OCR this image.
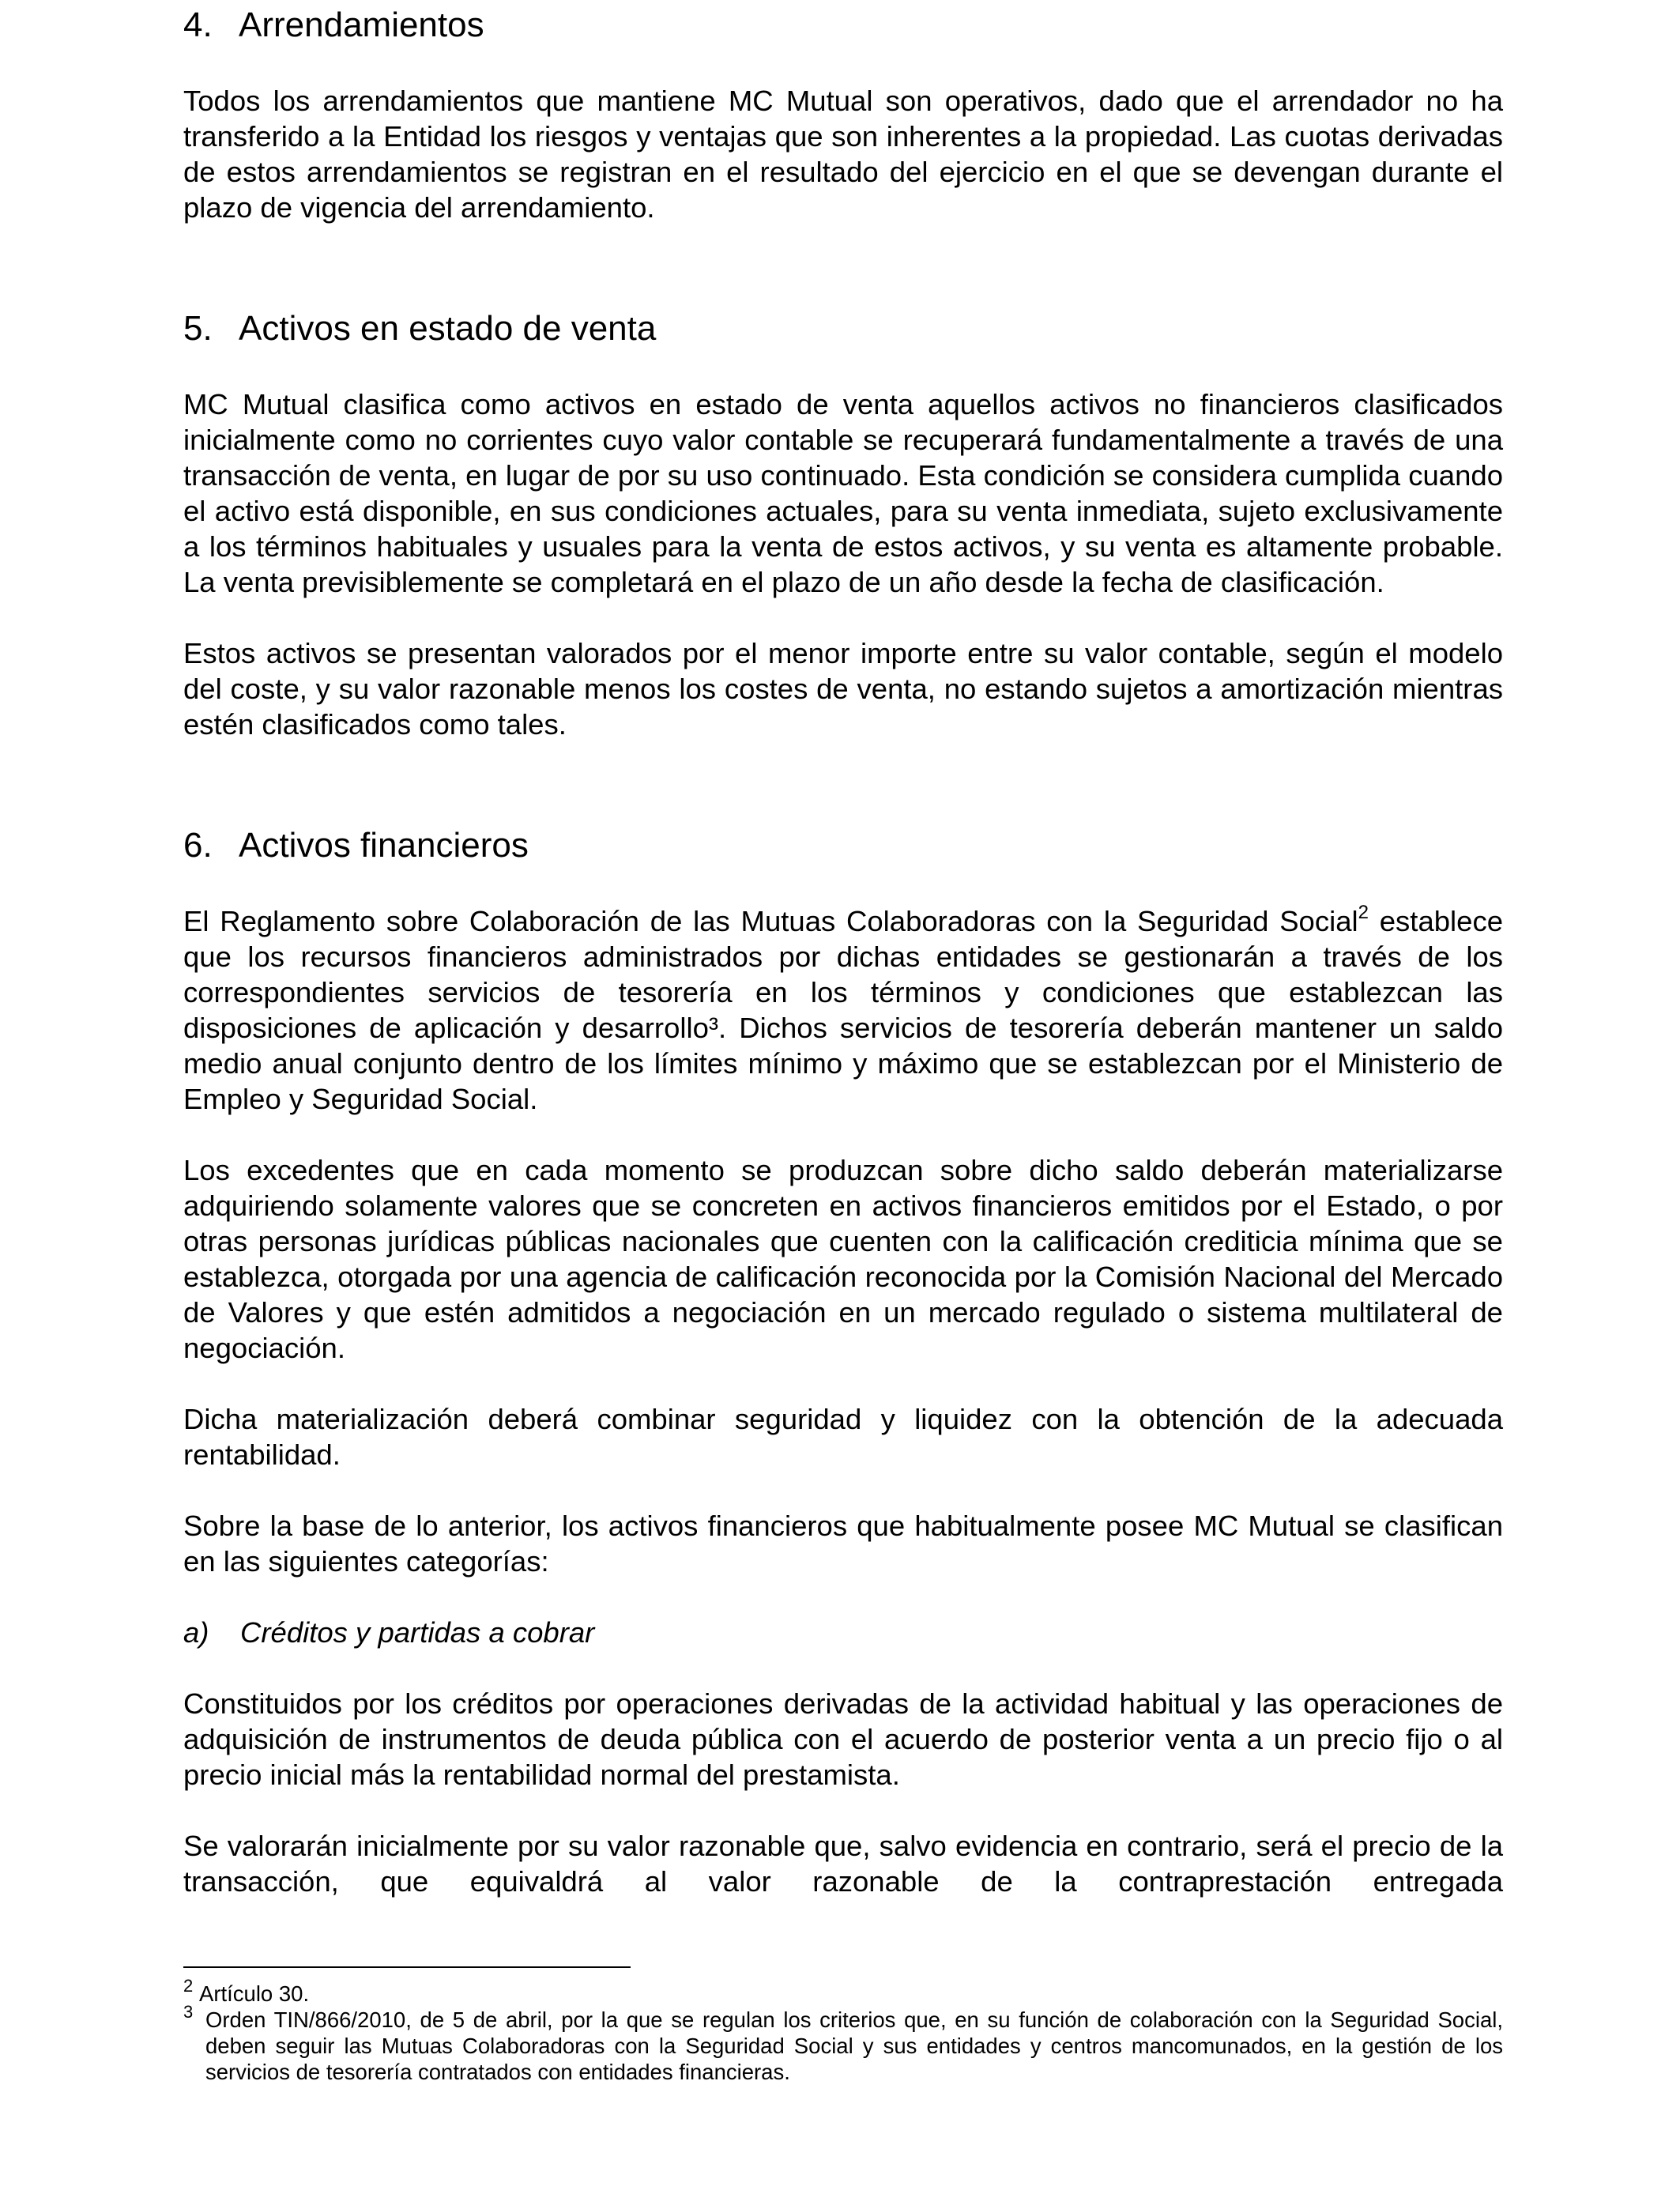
4. Arrendamientos

Todos los arrendamientos que mantiene MC Mutual son operativos, dado que el arrendador no ha transferido a la Entidad los riesgos y ventajas que son inherentes a la propiedad. Las cuotas derivadas de estos arrendamientos se registran en el resultado del ejercicio en el que se devengan durante el plazo de vigencia del arrendamiento.

5. Activos en estado de venta

MC Mutual clasifica como activos en estado de venta aquellos activos no financieros clasificados inicialmente como no corrientes cuyo valor contable se recuperará fundamentalmente a través de una transacción de venta, en lugar de por su uso continuado. Esta condición se considera cumplida cuando el activo está disponible, en sus condiciones actuales, para su venta inmediata, sujeto exclusivamente a los términos habituales y usuales para la venta de estos activos, y su venta es altamente probable. La venta previsiblemente se completará en el plazo de un año desde la fecha de clasificación.

Estos activos se presentan valorados por el menor importe entre su valor contable, según el modelo del coste, y su valor razonable menos los costes de venta, no estando sujetos a amortización mientras estén clasificados como tales.

6. Activos financieros

El Reglamento sobre Colaboración de las Mutuas Colaboradoras con la Seguridad Social$^2$ establece que los recursos financieros administrados por dichas entidades se gestionarán a través de los correspondientes servicios de tesorería en los términos y condiciones que establezcan las disposiciones de aplicación y desarrollo³. Dichos servicios de tesorería deberán mantener un saldo medio anual conjunto dentro de los límites mínimo y máximo que se establezcan por el Ministerio de Empleo y Seguridad Social.

Los excedentes que en cada momento se produzcan sobre dicho saldo deberán materializarse adquiriendo solamente valores que se concreten en activos financieros emitidos por el Estado, o por otras personas jurídicas públicas nacionales que cuenten con la calificación crediticia mínima que se establezca, otorgada por una agencia de calificación reconocida por la Comisión Nacional del Mercado de Valores y que estén admitidos a negociación en un mercado regulado o sistema multilateral de negociación.

Dicha materialización deberá combinar seguridad y liquidez con la obtención de la adecuada rentabilidad.

Sobre la base de lo anterior, los activos financieros que habitualmente posee MC Mutual se clasifican en las siguientes categorías:

a)	Créditos y partidas a cobrar

Constituidos por los créditos por operaciones derivadas de la actividad habitual y las operaciones de adquisición de instrumentos de deuda pública con el acuerdo de posterior venta a un precio fijo o al precio inicial más la rentabilidad normal del prestamista.

Se valorarán inicialmente por su valor razonable que, salvo evidencia en contrario, será el precio de la transacción, que equivaldrá al valor razonable de la contraprestación entregada

2 Artículo 30.
3 Orden TIN/866/2010, de 5 de abril, por la que se regulan los criterios que, en su función de colaboración con la Seguridad Social, deben seguir las Mutuas Colaboradoras con la Seguridad Social y sus entidades y centros mancomunados, en la gestión de los servicios de tesorería contratados con entidades financieras.
